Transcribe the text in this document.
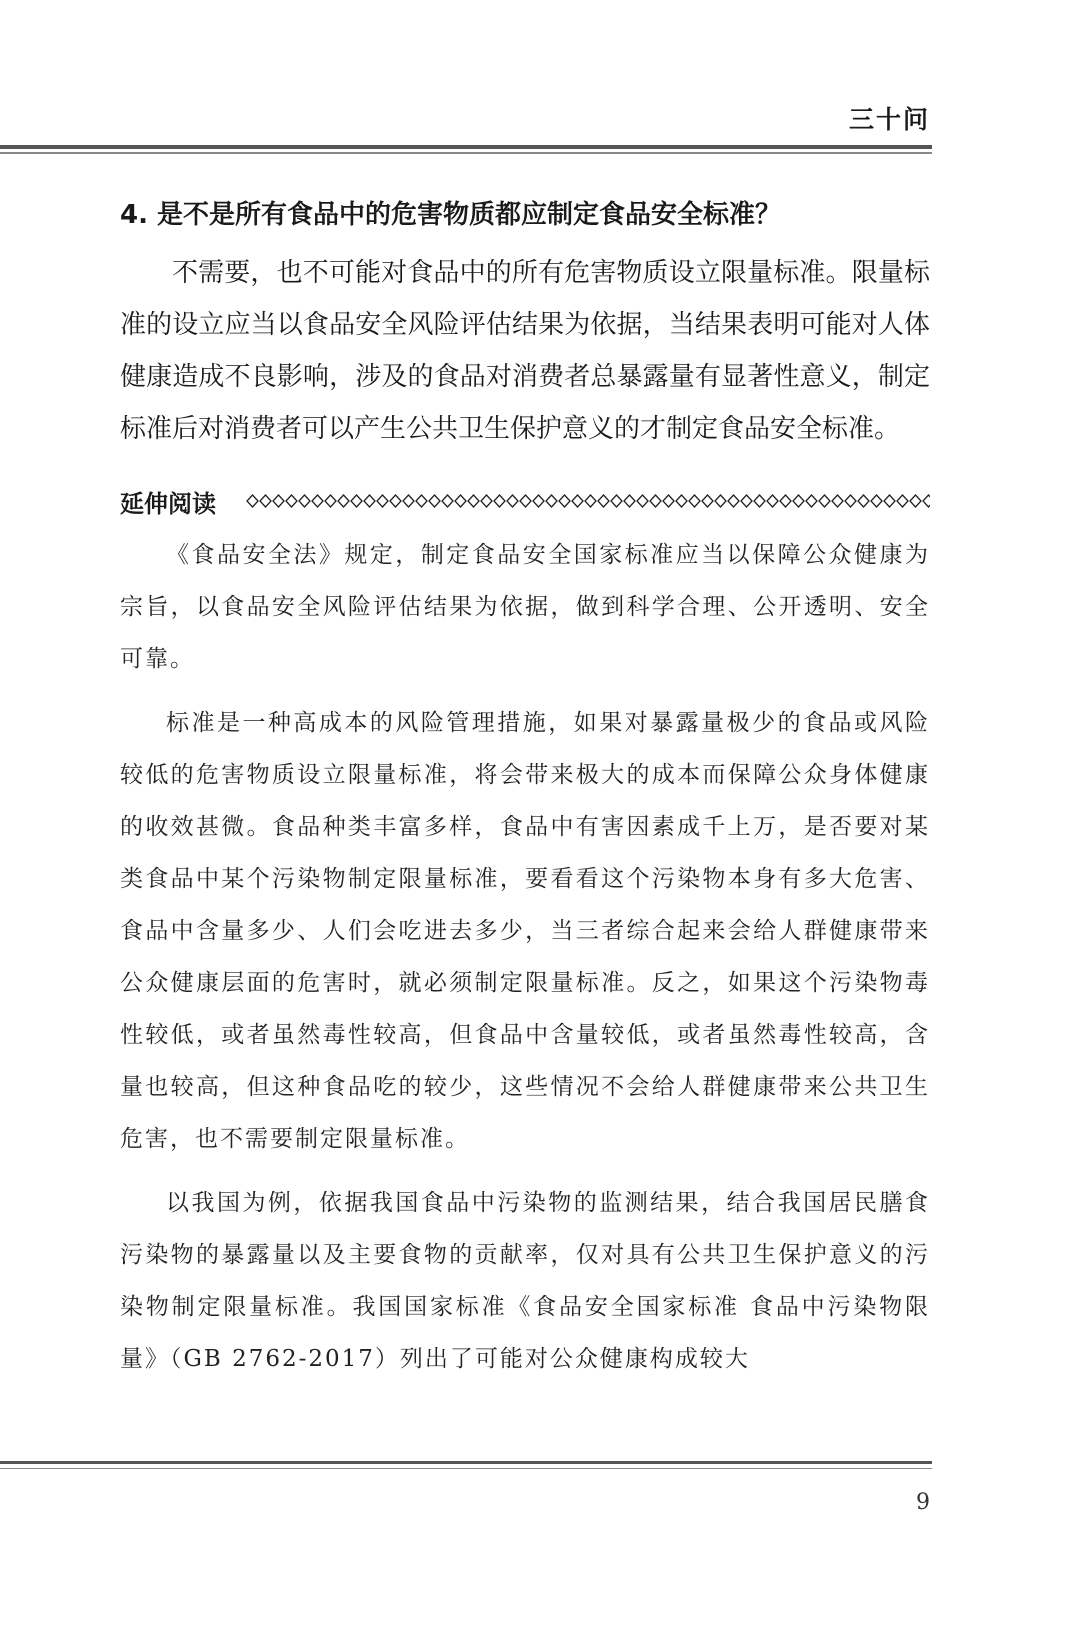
三十问
4. 是不是所有食品中的危害物质都应制定食品安全标准？

不需要，也不可能对食品中的所有危害物质设立限量标准。限量标准的设立应当以食品安全风险评估结果为依据，当结果表明可能对人体健康造成不良影响，涉及的食品对消费者总暴露量有显著性意义，制定标准后对消费者可以产生公共卫生保护意义的才制定食品安全标准。

延伸阅读

《食品安全法》规定，制定食品安全国家标准应当以保障公众健康为宗旨，以食品安全风险评估结果为依据，做到科学合理、公开透明、安全可靠。

标准是一种高成本的风险管理措施，如果对暴露量极少的食品或风险较低的危害物质设立限量标准，将会带来极大的成本而保障公众身体健康的收效甚微。食品种类丰富多样，食品中有害因素成千上万，是否要对某类食品中某个污染物制定限量标准，要看看这个污染物本身有多大危害、食品中含量多少、人们会吃进去多少，当三者综合起来会给人群健康带来公众健康层面的危害时，就必须制定限量标准。反之，如果这个污染物毒性较低，或者虽然毒性较高，但食品中含量较低，或者虽然毒性较高，含量也较高，但这种食品吃的较少，这些情况不会给人群健康带来公共卫生危害，也不需要制定限量标准。

以我国为例，依据我国食品中污染物的监测结果，结合我国居民膳食污染物的暴露量以及主要食物的贡献率，仅对具有公共卫生保护意义的污染物制定限量标准。我国国家标准《食品安全国家标准 食品中污染物限量》（GB 2762-2017）列出了可能对公众健康构成较大

9
